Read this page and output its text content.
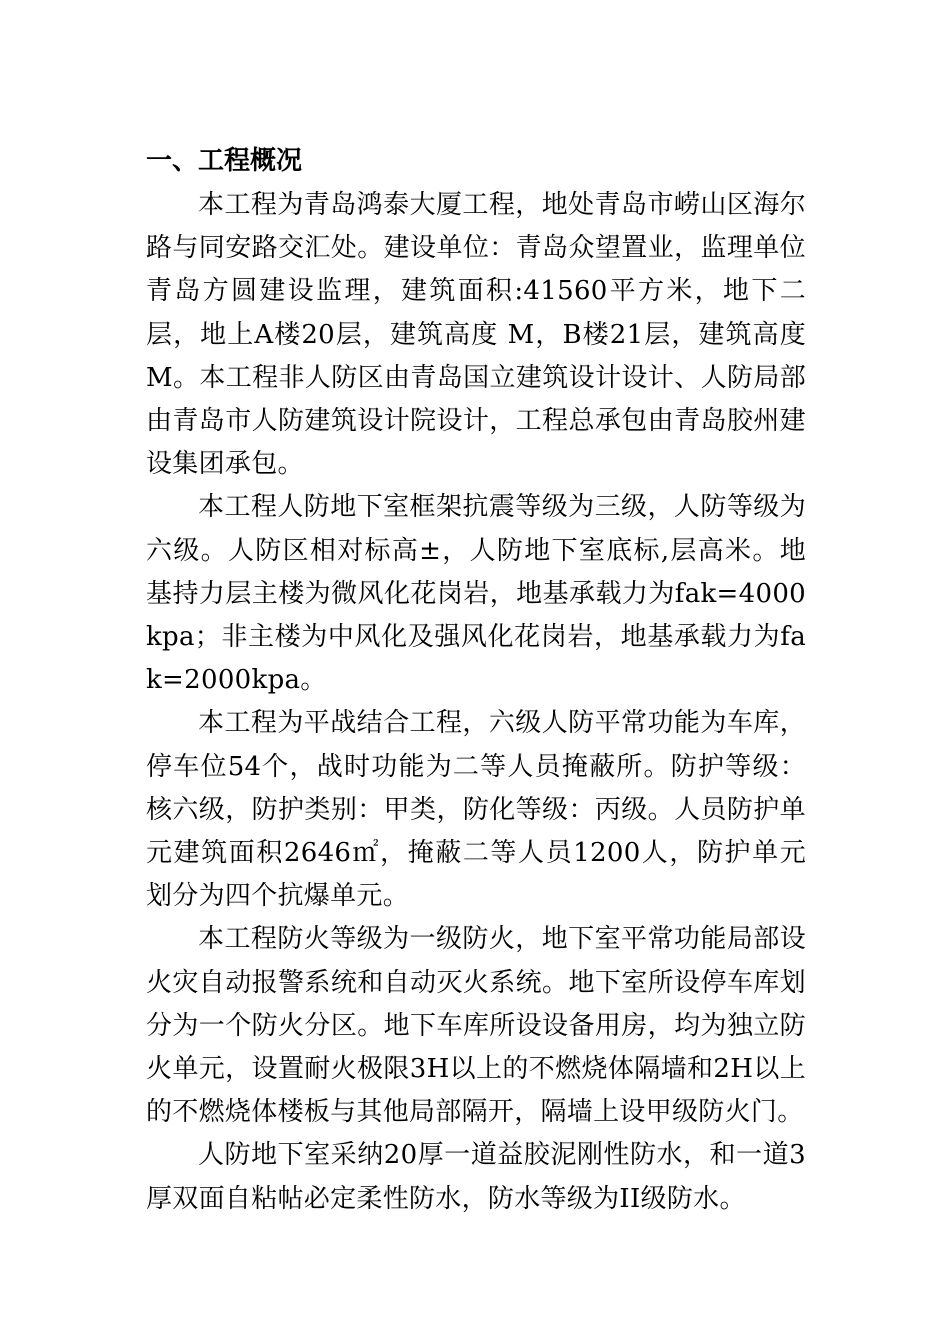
一、工程概况

本工程为青岛鸿泰大厦工程，地处青岛市崂山区海尔路与同安路交汇处。建设单位：青岛众望置业，监理单位青岛方圆建设监理，建筑面积:41560平方米，地下二层，地上A楼20层，建筑高度 M，B楼21层，建筑高度 M。本工程非人防区由青岛国立建筑设计设计、人防局部由青岛市人防建筑设计院设计，工程总承包由青岛胶州建设集团承包。

本工程人防地下室框架抗震等级为三级，人防等级为六级。人防区相对标高±，人防地下室底标,层高米。地基持力层主楼为微风化花岗岩，地基承载力为fak=4000kpa；非主楼为中风化及强风化花岗岩，地基承载力为fak=2000kpa。

本工程为平战结合工程，六级人防平常功能为车库，停车位54个，战时功能为二等人员掩蔽所。防护等级：核六级，防护类别：甲类，防化等级：丙级。人员防护单元建筑面积2646㎡，掩蔽二等人员1200人，防护单元划分为四个抗爆单元。

本工程防火等级为一级防火，地下室平常功能局部设火灾自动报警系统和自动灭火系统。地下室所设停车库划分为一个防火分区。地下车库所设设备用房，均为独立防火单元，设置耐火极限3H以上的不燃烧体隔墙和2H以上的不燃烧体楼板与其他局部隔开，隔墙上设甲级防火门。

人防地下室采纳20厚一道益胶泥刚性防水，和一道3厚双面自粘帖必定柔性防水，防水等级为II级防水。
